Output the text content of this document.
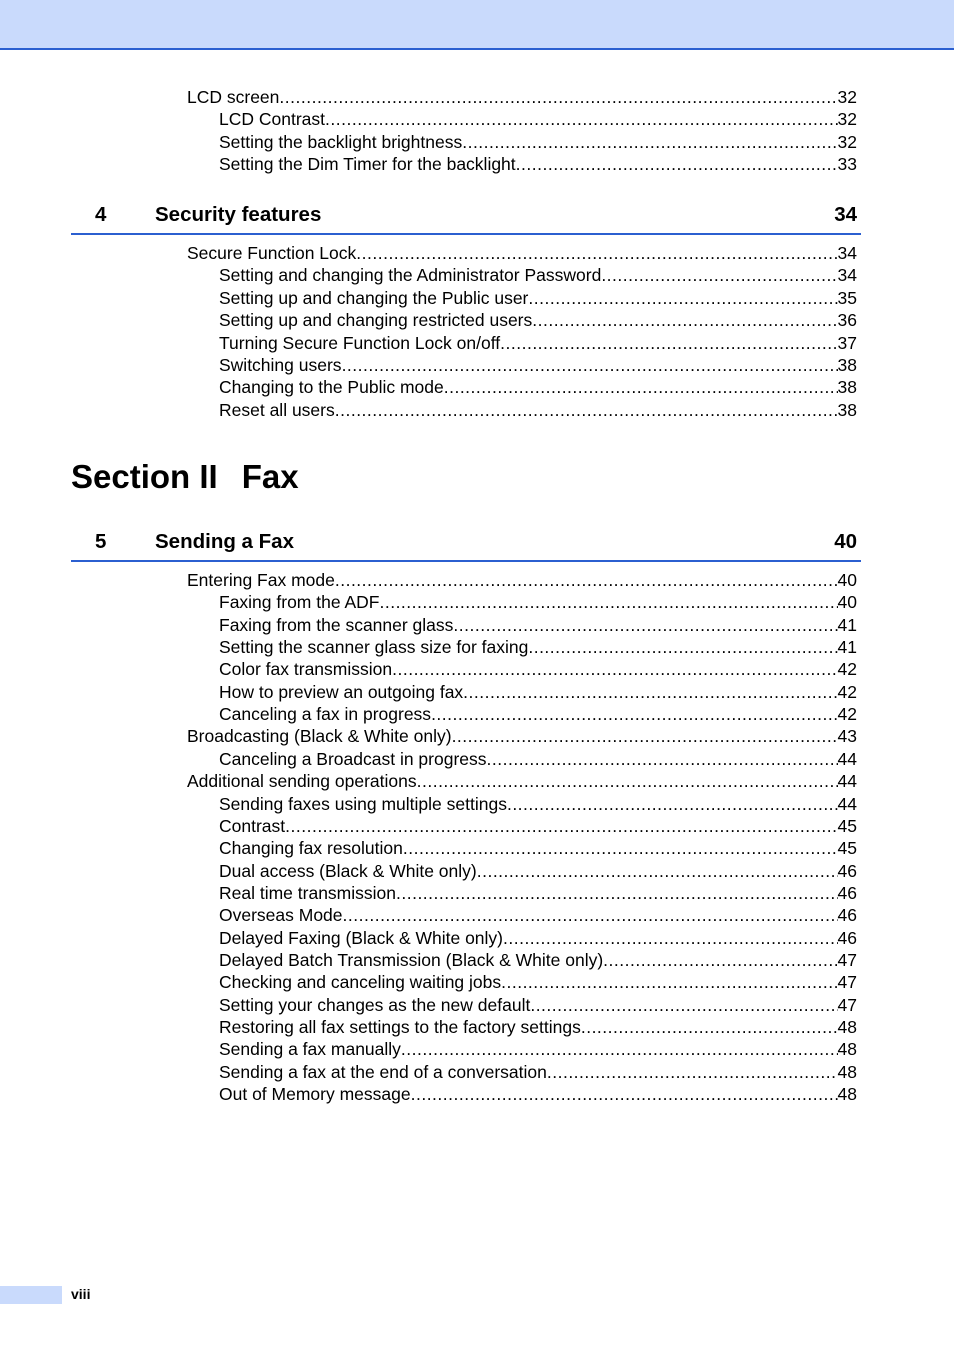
LCD screen .....	32
LCD Contrast .....	32
Setting the backlight brightness .....	32
Setting the Dim Timer for the backlight .....	33
4 Security features	34
Secure Function Lock .....	34
Setting and changing the Administrator Password .....	34
Setting up and changing the Public user .....	35
Setting up and changing restricted users .....	36
Turning Secure Function Lock on/off .....	37
Switching users .....	38
Changing to the Public mode .....	38
Reset all users .....	38
Section II Fax
5 Sending a Fax	40
Entering Fax mode .....	40
Faxing from the ADF .....	40
Faxing from the scanner glass .....	41
Setting the scanner glass size for faxing .....	41
Color fax transmission .....	42
How to preview an outgoing fax .....	42
Canceling a fax in progress .....	42
Broadcasting (Black & White only) .....	43
Canceling a Broadcast in progress .....	44
Additional sending operations .....	44
Sending faxes using multiple settings .....	44
Contrast .....	45
Changing fax resolution .....	45
Dual access (Black & White only) .....	46
Real time transmission .....	46
Overseas Mode .....	46
Delayed Faxing (Black & White only) .....	46
Delayed Batch Transmission (Black & White only) .....	47
Checking and canceling waiting jobs .....	47
Setting your changes as the new default .....	47
Restoring all fax settings to the factory settings .....	48
Sending a fax manually .....	48
Sending a fax at the end of a conversation .....	48
Out of Memory message .....	48
viii
